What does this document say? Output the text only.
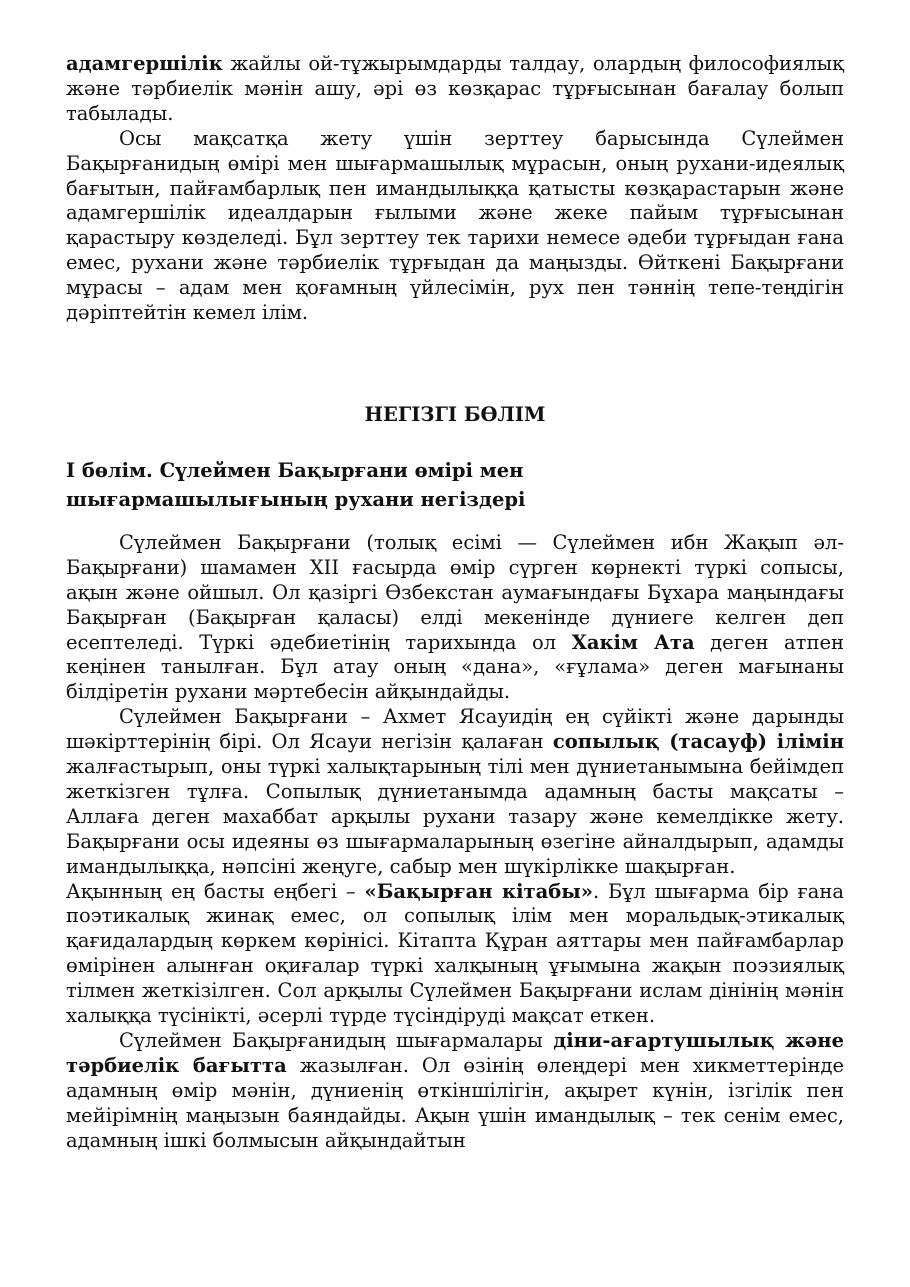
адамгершілік жайлы ой-тұжырымдарды талдау, олардың философиялық және тәрбиелік мәнін ашу, әрі өз көзқарас тұрғысынан бағалау болып табылады.

Осы мақсатқа жету үшін зерттеу барысында Сүлеймен Бақырғанидың өмірі мен шығармашылық мұрасын, оның рухани-идеялық бағытын, пайғамбарлық пен имандылыққа қатысты көзқарастарын және адамгершілік идеалдарын ғылыми және жеке пайым тұрғысынан қарастыру көзделеді. Бұл зерттеу тек тарихи немесе әдеби тұрғыдан ғана емес, рухани және тәрбиелік тұрғыдан да маңызды. Өйткені Бақырғани мұрасы – адам мен қоғамның үйлесімін, рух пен тәннің тепе-теңдігін дәріптейтін кемел ілім.

НЕГІЗГІ БӨЛІМ
I бөлім. Сүлеймен Бақырғани өмірі мен шығармашылығының рухани негіздері

Сүлеймен Бақырғани (толық есімі — Сүлеймен ибн Жақып әл-Бақырғани) шамамен XII ғасырда өмір сүрген көрнекті түркі сопысы, ақын және ойшыл. Ол қазіргі Өзбекстан аумағындағы Бұхара маңындағы Бақырған (Бақырған қаласы) елді мекенінде дүниеге келген деп есептеледі. Түркі әдебиетінің тарихында ол Хакім Ата деген атпен кеңінен танылған. Бұл атау оның «дана», «ғұлама» деген мағынаны білдіретін рухани мәртебесін айқындайды.

Сүлеймен Бақырғани – Ахмет Ясауидің ең сүйікті және дарынды шәкірттерінің бірі. Ол Ясауи негізін қалаған сопылық (тасауф) ілімін жалғастырып, оны түркі халықтарының тілі мен дүниетанымына бейімдеп жеткізген тұлға. Сопылық дүниетанымда адамның басты мақсаты – Аллаға деген махаббат арқылы рухани тазару және кемелдікке жету. Бақырғани осы идеяны өз шығармаларының өзегіне айналдырып, адамды имандылыққа, нәпсіні жеңуге, сабыр мен шүкірлікке шақырған.

Ақынның ең басты еңбегі – «Бақырған кітабы». Бұл шығарма бір ғана поэтикалық жинақ емес, ол сопылық ілім мен моральдық-этикалық қағидалардың көркем көрінісі. Кітапта Құран аяттары мен пайғамбарлар өмірінен алынған оқиғалар түркі халқының ұғымына жақын поэзиялық тілмен жеткізілген. Сол арқылы Сүлеймен Бақырғани ислам дінінің мәнін халыққа түсінікті, әсерлі түрде түсіндіруді мақсат еткен.

Сүлеймен Бақырғанидың шығармалары діни-ағартушылық және тәрбиелік бағытта жазылған. Ол өзінің өлеңдері мен хикметтерінде адамның өмір мәнін, дүниенің өткіншілігін, ақырет күнін, ізгілік пен мейірімнің маңызын баяндайды. Ақын үшін имандылық – тек сенім емес, адамның ішкі болмысын айқындайтын
